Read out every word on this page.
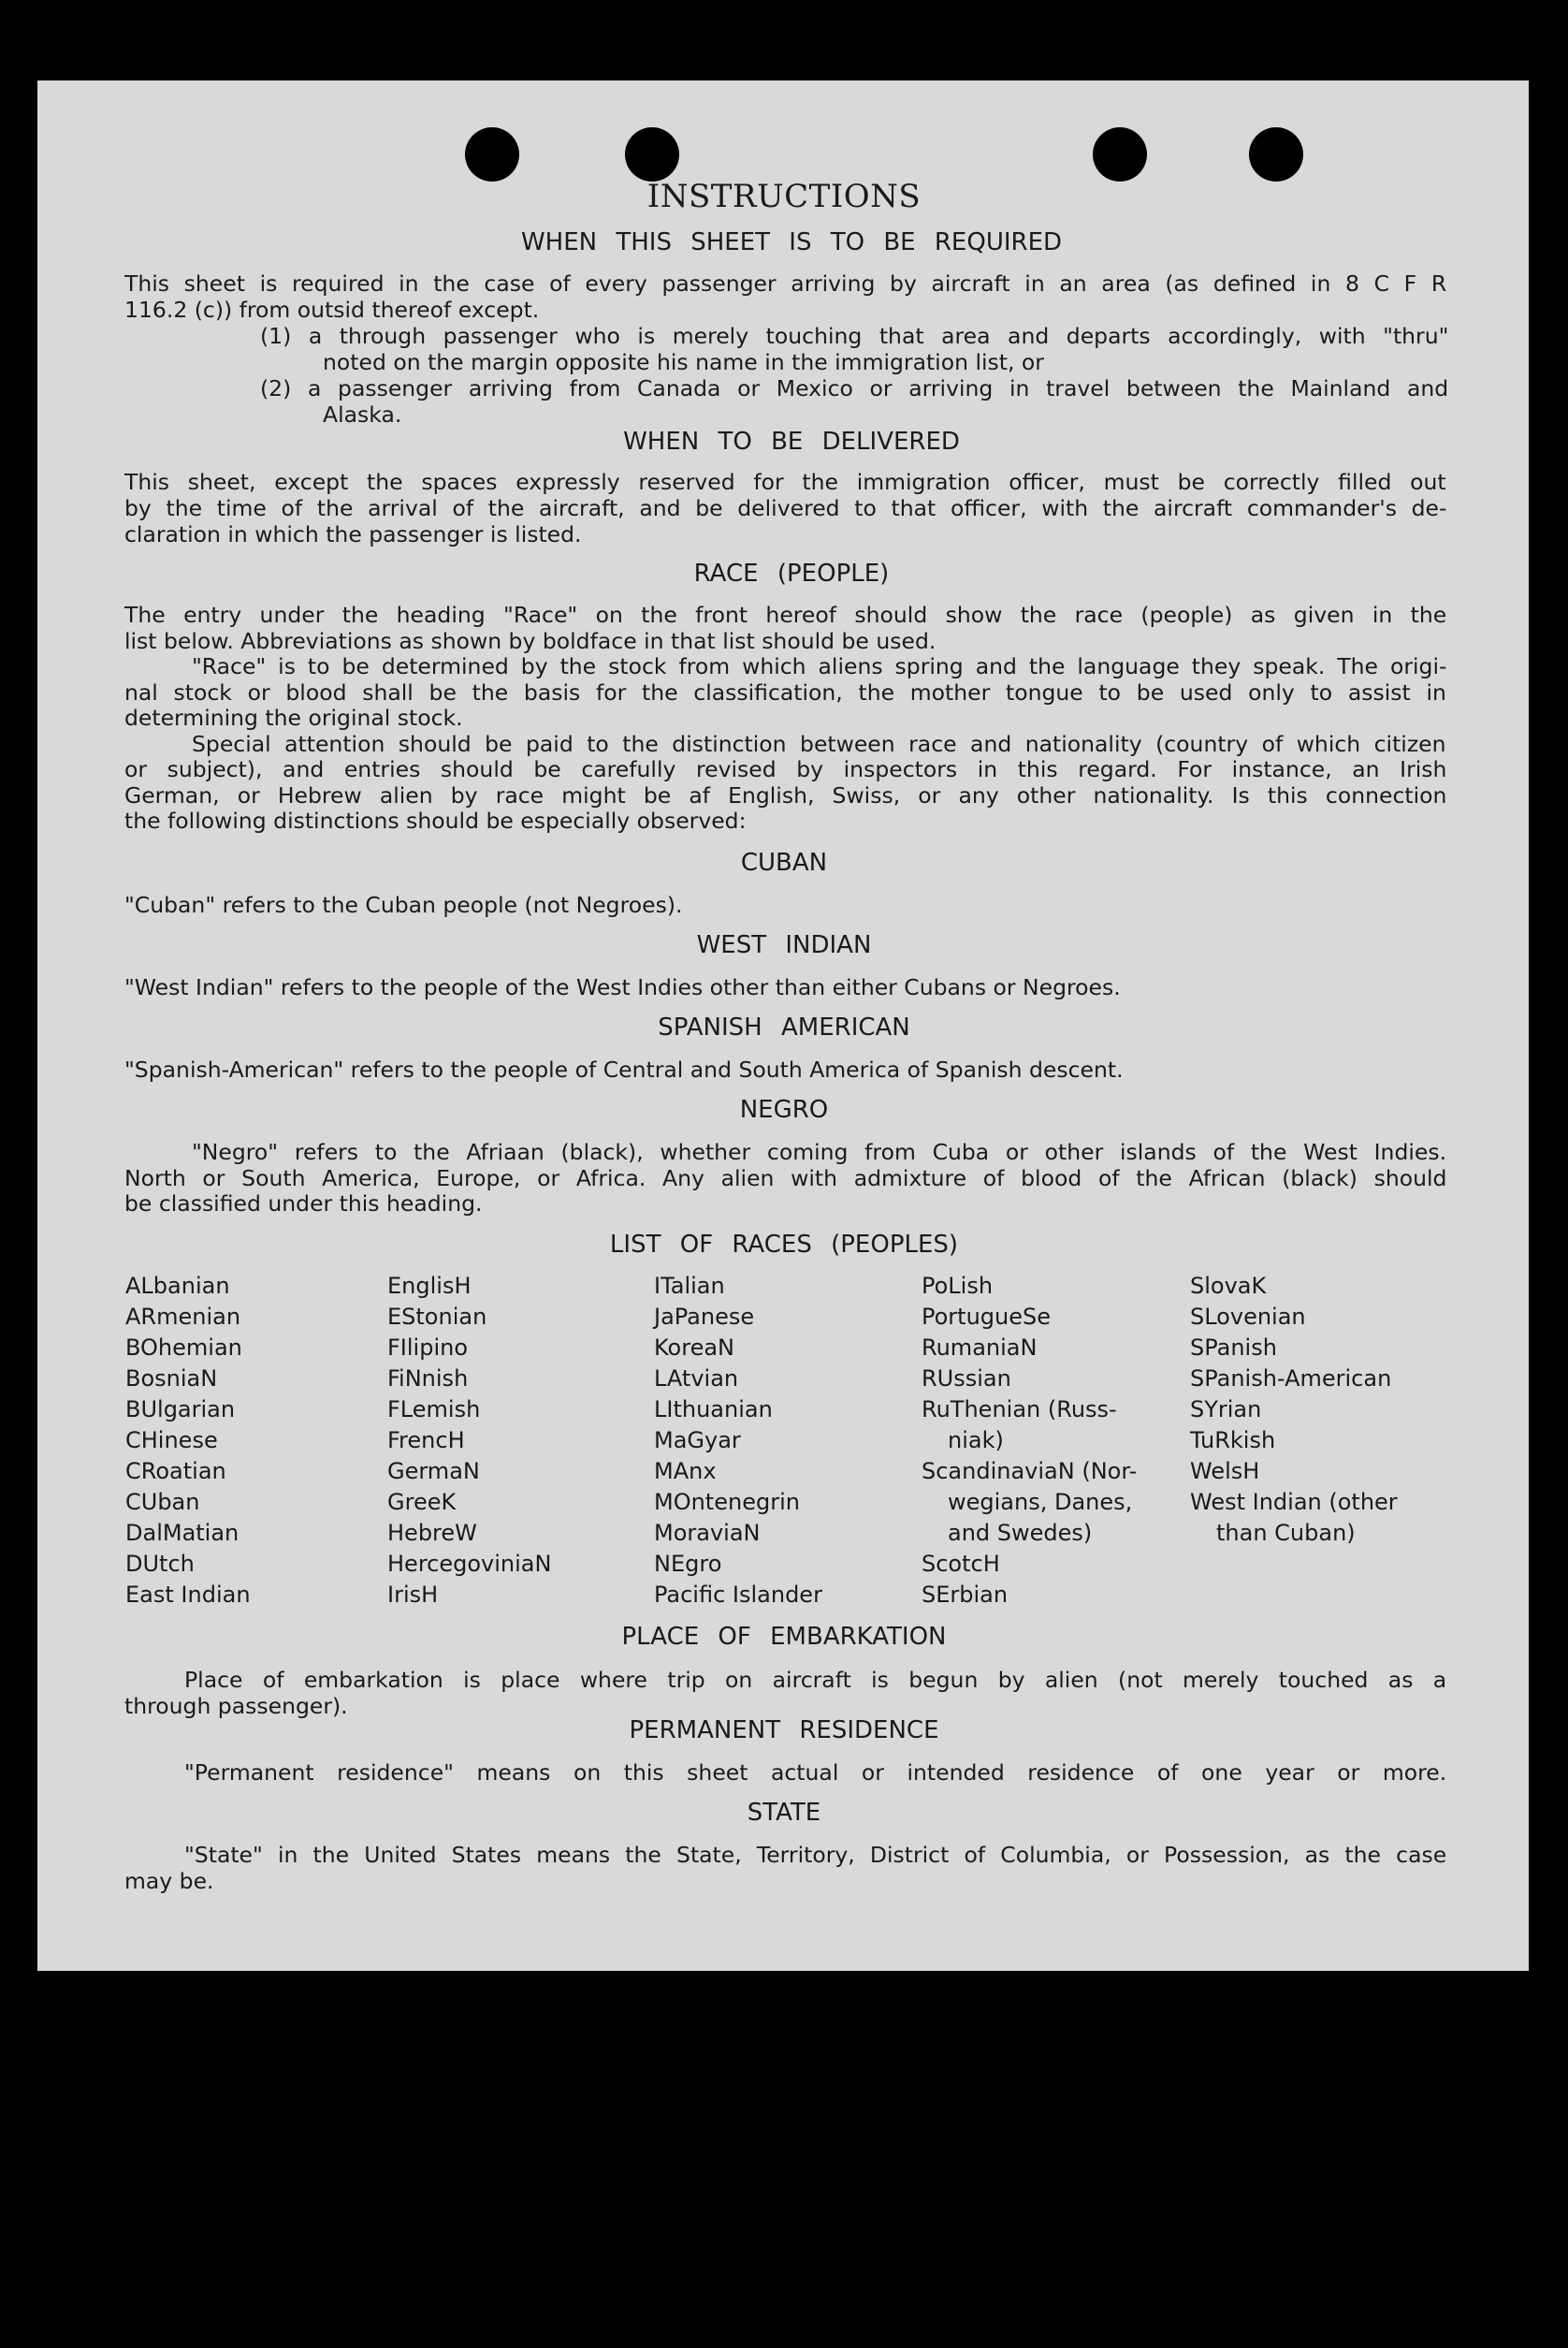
INSTRUCTIONS
WHEN THIS SHEET IS TO BE REQUIRED
This sheet is required in the case of every passenger arriving by aircraft in an area (as defined in 8 C F R
116.2 (c)) from outsid thereof except.
(1) a through passenger who is merely touching that area and departs accordingly, with "thru"
noted on the margin opposite his name in the immigration list, or
(2) a passenger arriving from Canada or Mexico or arriving in travel between the Mainland and
Alaska.
WHEN TO BE DELIVERED
This sheet, except the spaces expressly reserved for the immigration officer, must be correctly filled out
by the time of the arrival of the aircraft, and be delivered to that officer, with the aircraft commander's de-
claration in which the passenger is listed.
RACE (PEOPLE)
The entry under the heading "Race" on the front hereof should show the race (people) as given in the
list below. Abbreviations as shown by boldface in that list should be used.
"Race" is to be determined by the stock from which aliens spring and the language they speak. The origi-
nal stock or blood shall be the basis for the classification, the mother tongue to be used only to assist in
determining the original stock.
Special attention should be paid to the distinction between race and nationality (country of which citizen
or subject), and entries should be carefully revised by inspectors in this regard. For instance, an Irish
German, or Hebrew alien by race might be af English, Swiss, or any other nationality. Is this connection
the following distinctions should be especially observed:
CUBAN
"Cuban" refers to the Cuban people (not Negroes).
WEST INDIAN
"West Indian" refers to the people of the West Indies other than either Cubans or Negroes.
SPANISH AMERICAN
"Spanish-American" refers to the people of Central and South America of Spanish descent.
NEGRO
"Negro" refers to the Afriaan (black), whether coming from Cuba or other islands of the West Indies.
North or South America, Europe, or Africa. Any alien with admixture of blood of the African (black) should
be classified under this heading.
LIST OF RACES (PEOPLES)
ALbanian
ARmenian
BOhemian
BosniaN
BUlgarian
CHinese
CRoatian
CUban
DalMatian
DUtch
East Indian
EnglisH
EStonian
FIlipino
FiNnish
FLemish
FrencH
GermaN
GreeK
HebreW
HercegoviniaN
IrisH
ITalian
JaPanese
KoreaN
LAtvian
LIthuanian
MaGyar
MAnx
MOntenegrin
MoraviaN
NEgro
Pacific Islander
PoLish
PortugueSe
RumaniaN
RUssian
RuThenian (Russ-
niak)
ScandinaviaN (Nor-
wegians, Danes,
and Swedes)
ScotcH
SErbian
SlovaK
SLovenian
SPanish
SPanish-American
SYrian
TuRkish
WelsH
West Indian (other
than Cuban)
PLACE OF EMBARKATION
Place of embarkation is place where trip on aircraft is begun by alien (not merely touched as a
through passenger).
PERMANENT RESIDENCE
"Permanent residence" means on this sheet actual or intended residence of one year or more.
STATE
"State" in the United States means the State, Territory, District of Columbia, or Possession, as the case
may be.
